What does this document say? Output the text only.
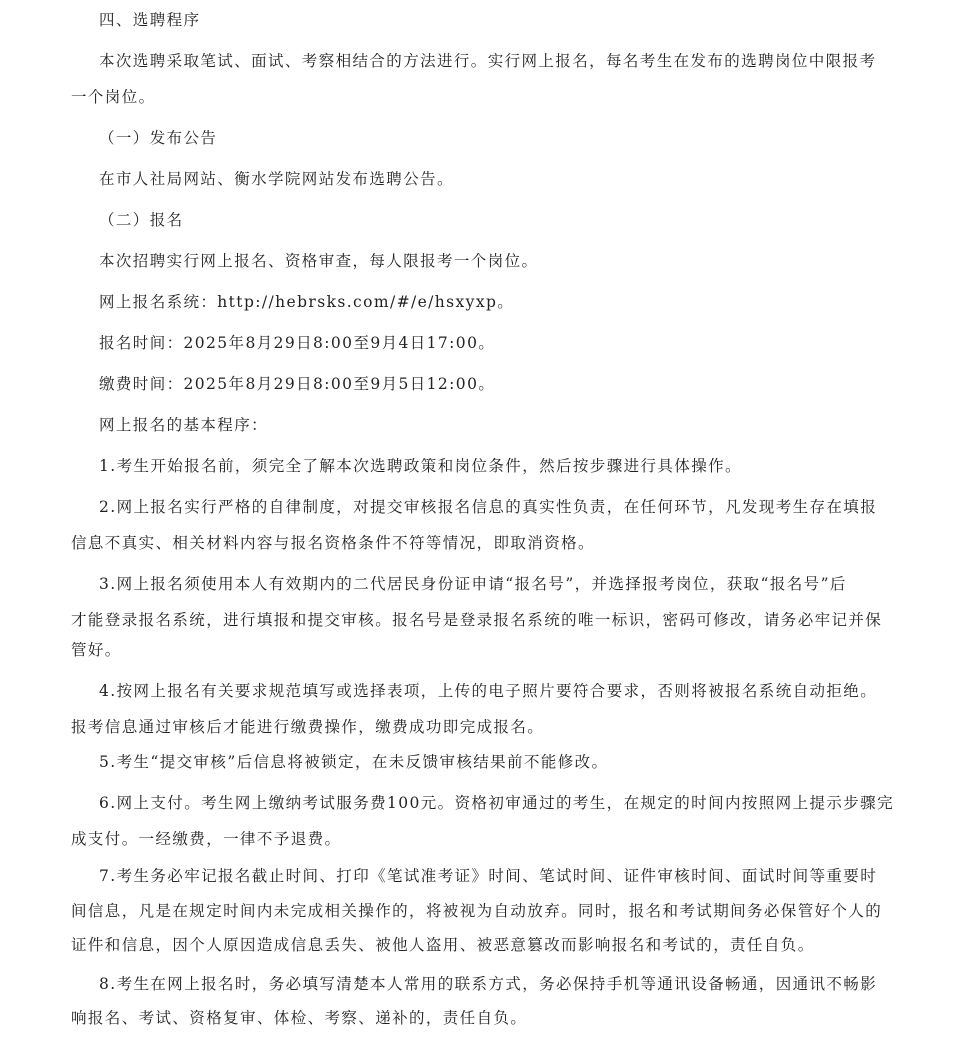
四、选聘程序

本次选聘采取笔试、面试、考察相结合的方法进行。实行网上报名，每名考生在发布的选聘岗位中限报考

一个岗位。

（一）发布公告

在市人社局网站、衡水学院网站发布选聘公告。

（二）报名

本次招聘实行网上报名、资格审查，每人限报考一个岗位。

网上报名系统：http://hebrsks.com/#/e/hsxyxp。

报名时间：2025年8月29日8:00至9月4日17:00。

缴费时间：2025年8月29日8:00至9月5日12:00。

网上报名的基本程序：

1.考生开始报名前，须完全了解本次选聘政策和岗位条件，然后按步骤进行具体操作。

2.网上报名实行严格的自律制度，对提交审核报名信息的真实性负责，在任何环节，凡发现考生存在填报

信息不真实、相关材料内容与报名资格条件不符等情况，即取消资格。

3.网上报名须使用本人有效期内的二代居民身份证申请“报名号”，并选择报考岗位，获取“报名号”后

才能登录报名系统，进行填报和提交审核。报名号是登录报名系统的唯一标识，密码可修改，请务必牢记并保

管好。

4.按网上报名有关要求规范填写或选择表项，上传的电子照片要符合要求，否则将被报名系统自动拒绝。

报考信息通过审核后才能进行缴费操作，缴费成功即完成报名。

5.考生“提交审核”后信息将被锁定，在未反馈审核结果前不能修改。

6.网上支付。考生网上缴纳考试服务费100元。资格初审通过的考生，在规定的时间内按照网上提示步骤完

成支付。一经缴费，一律不予退费。

7.考生务必牢记报名截止时间、打印《笔试准考证》时间、笔试时间、证件审核时间、面试时间等重要时

间信息，凡是在规定时间内未完成相关操作的，将被视为自动放弃。同时，报名和考试期间务必保管好个人的

证件和信息，因个人原因造成信息丢失、被他人盗用、被恶意篡改而影响报名和考试的，责任自负。

8.考生在网上报名时，务必填写清楚本人常用的联系方式，务必保持手机等通讯设备畅通，因通讯不畅影

响报名、考试、资格复审、体检、考察、递补的，责任自负。
